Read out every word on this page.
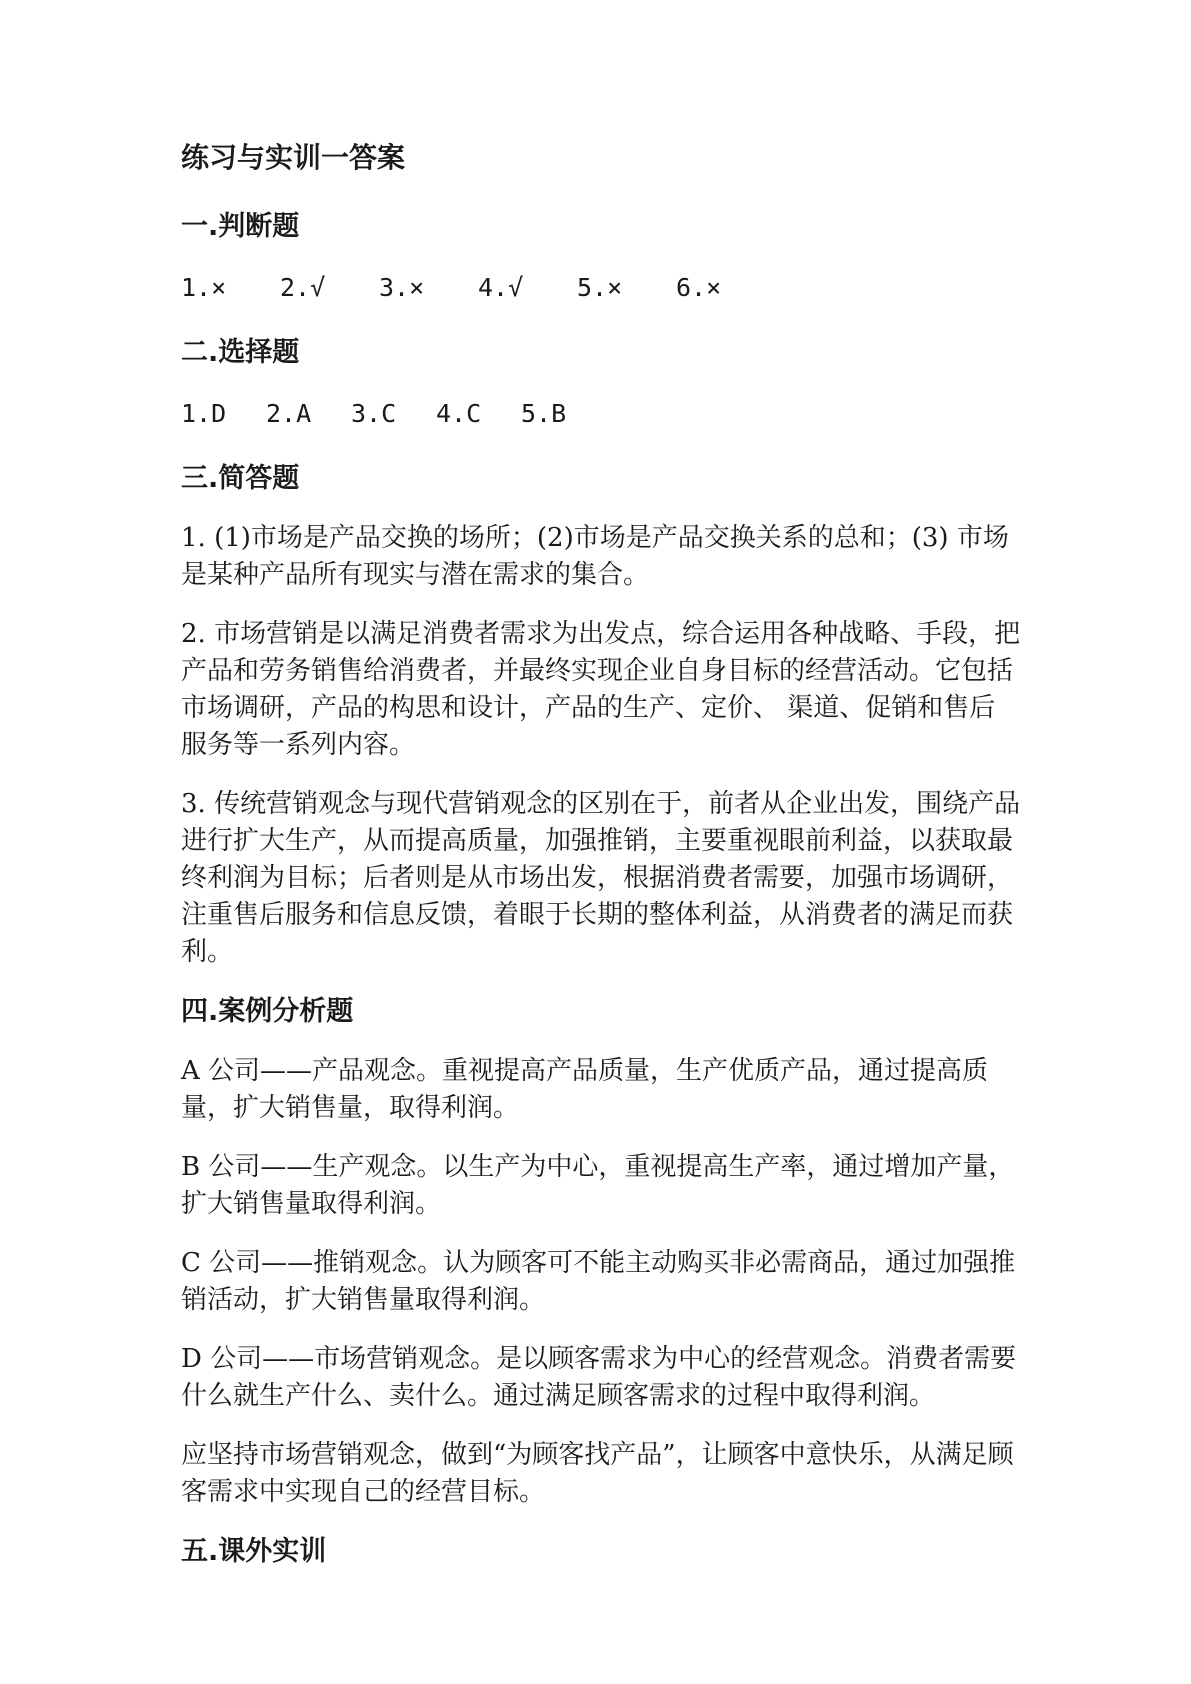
练习与实训一答案
一.判断题
1.×	2.√	3.×	4.√	5.×	6.×
二.选择题
1.D	2.A	3.C	4.C	5.B
三.简答题

1. (1)市场是产品交换的场所；(2)市场是产品交换关系的总和；(3) 市场是某种产品所有现实与潜在需求的集合。

2. 市场营销是以满足消费者需求为出发点，综合运用各种战略、手段，把产品和劳务销售给消费者，并最终实现企业自身目标的经营活动。它包括市场调研，产品的构思和设计，产品的生产、定价、 渠道、促销和售后服务等一系列内容。

3. 传统营销观念与现代营销观念的区别在于，前者从企业出发，围绕产品进行扩大生产，从而提高质量，加强推销，主要重视眼前利益，以获取最终利润为目标；后者则是从市场出发，根据消费者需要，加强市场调研，注重售后服务和信息反馈，着眼于长期的整体利益，从消费者的满足而获利。

四.案例分析题

A 公司——产品观念。重视提高产品质量，生产优质产品，通过提高质量，扩大销售量，取得利润。

B 公司——生产观念。以生产为中心，重视提高生产率，通过增加产量，扩大销售量取得利润。

C 公司——推销观念。认为顾客可不能主动购买非必需商品，通过加强推销活动，扩大销售量取得利润。

D 公司——市场营销观念。是以顾客需求为中心的经营观念。消费者需要什么就生产什么、卖什么。通过满足顾客需求的过程中取得利润。

应坚持市场营销观念，做到“为顾客找产品”，让顾客中意快乐，从满足顾客需求中实现自己的经营目标。

五.课外实训
